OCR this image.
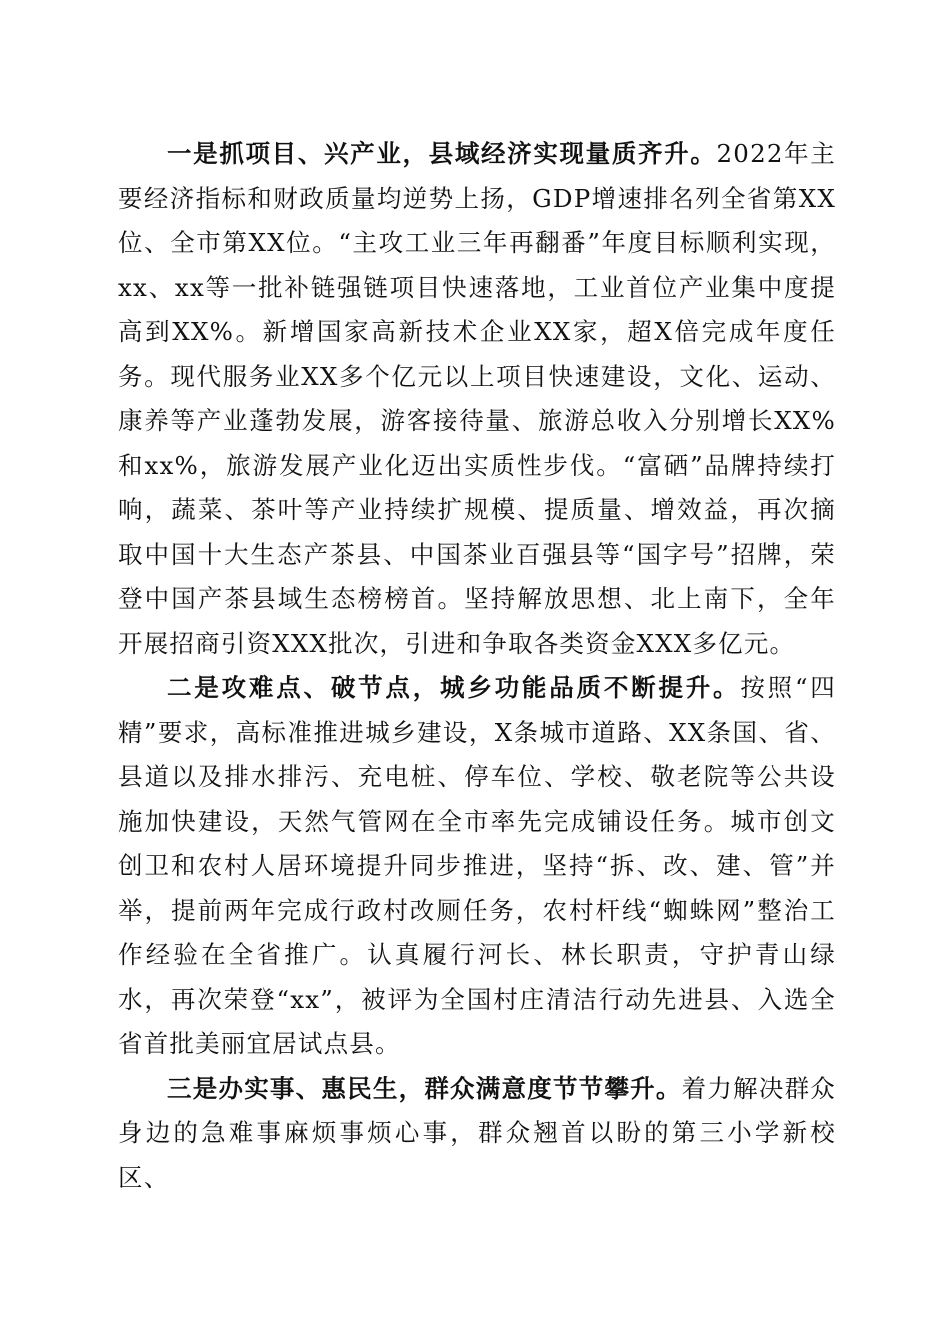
一是抓项目、兴产业，县域经济实现量质齐升。2022年主要经济指标和财政质量均逆势上扬，GDP增速排名列全省第XX位、全市第XX位。“主攻工业三年再翻番”年度目标顺利实现，xx、xx等一批补链强链项目快速落地，工业首位产业集中度提高到XX%。新增国家高新技术企业XX家，超X倍完成年度任务。现代服务业XX多个亿元以上项目快速建设，文化、运动、康养等产业蓬勃发展，游客接待量、旅游总收入分别增长XX%和xx%，旅游发展产业化迈出实质性步伐。“富硒”品牌持续打响，蔬菜、茶叶等产业持续扩规模、提质量、增效益，再次摘取中国十大生态产茶县、中国茶业百强县等“国字号”招牌，荣登中国产茶县域生态榜榜首。坚持解放思想、北上南下，全年开展招商引资XXX批次，引进和争取各类资金XXX多亿元。

二是攻难点、破节点，城乡功能品质不断提升。按照“四精”要求，高标准推进城乡建设，X条城市道路、XX条国、省、县道以及排水排污、充电桩、停车位、学校、敬老院等公共设施加快建设，天然气管网在全市率先完成铺设任务。城市创文创卫和农村人居环境提升同步推进，坚持“拆、改、建、管”并举，提前两年完成行政村改厕任务，农村杆线“蜘蛛网”整治工作经验在全省推广。认真履行河长、林长职责，守护青山绿水，再次荣登“xx”，被评为全国村庄清洁行动先进县、入选全省首批美丽宜居试点县。

三是办实事、惠民生，群众满意度节节攀升。着力解决群众身边的急难事麻烦事烦心事，群众翘首以盼的第三小学新校区、
